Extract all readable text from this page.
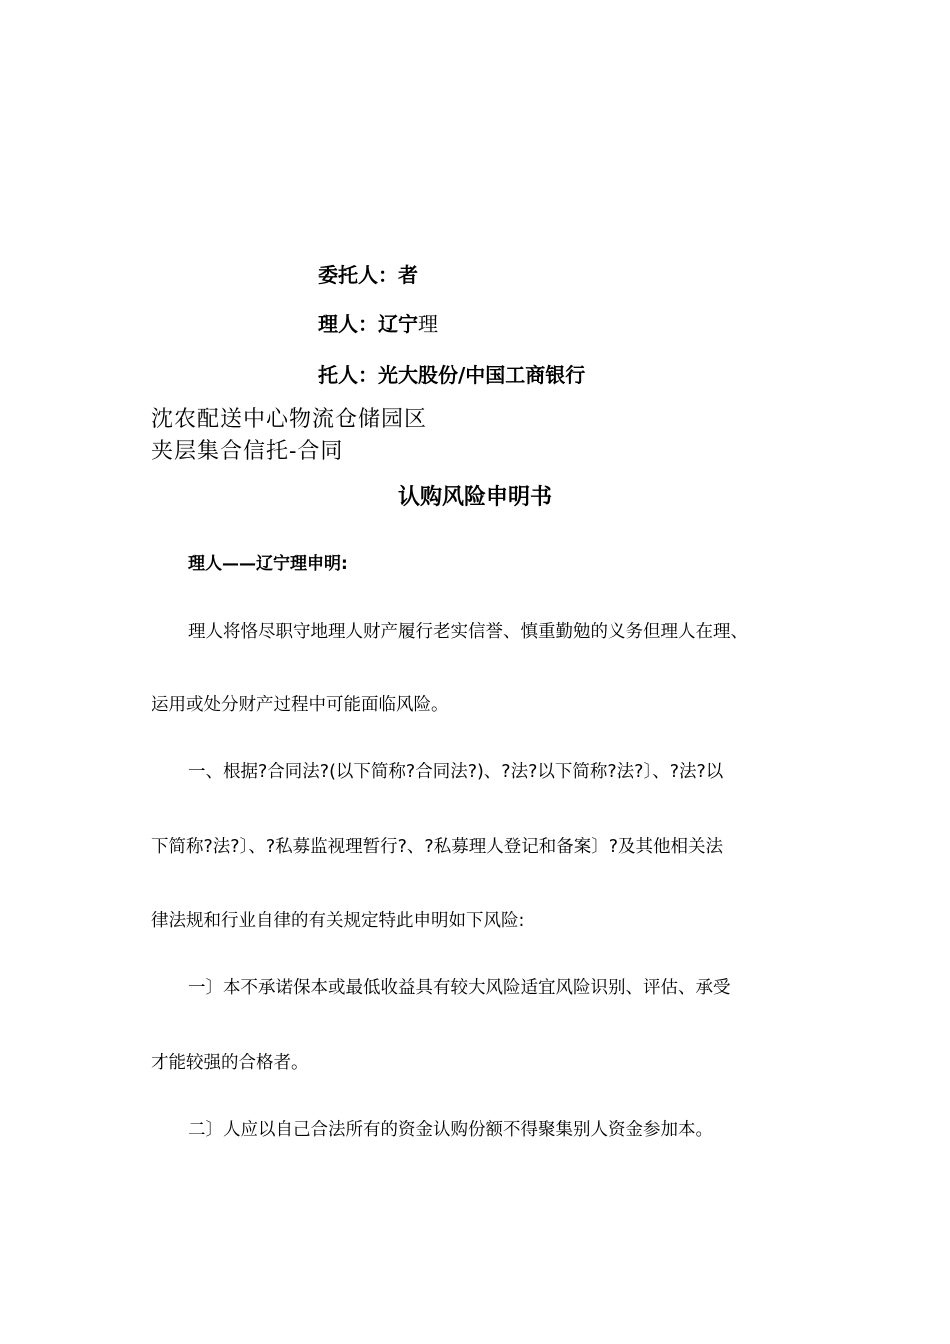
委托人：者

理人：辽宁理

托人：光大股份/中国工商银行

沈农配送中心物流仓储园区

夹层集合信托-合同

认购风险申明书

理人——辽宁理申明:

理人将恪尽职守地理人财产履行老实信誉、慎重勤勉的义务但理人在理、

运用或处分财产过程中可能面临风险。

一、根据?合同法?(以下简称?合同法?)、?法?以下简称?法?〕、?法?以

下简称?法?〕、?私募监视理暂行?、?私募理人登记和备案〕?及其他相关法

律法规和行业自律的有关规定特此申明如下风险:

一〕本不承诺保本或最低收益具有较大风险适宜风险识别、评估、承受

才能较强的合格者。

二〕人应以自己合法所有的资金认购份额不得聚集别人资金参加本。
